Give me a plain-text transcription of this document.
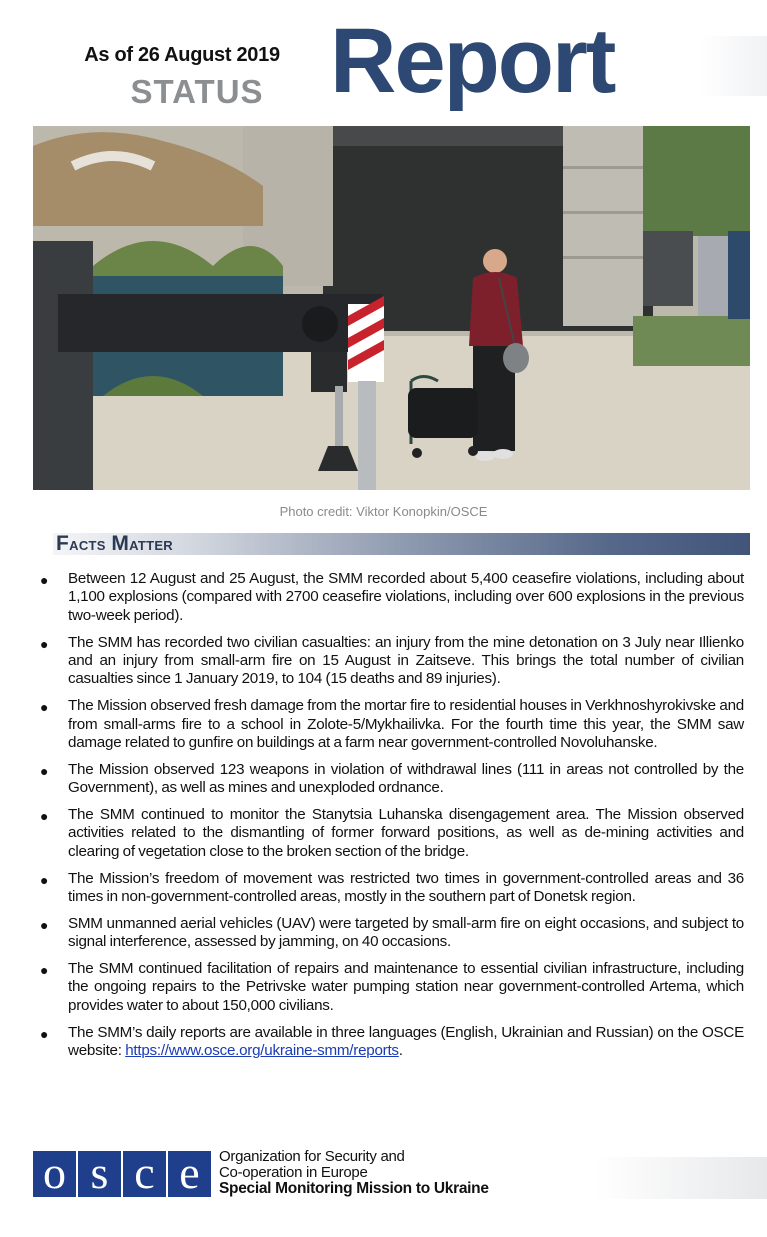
As of 26 August 2019
STATUS Report
Photo credit: Viktor Konopkin/OSCE
Facts Matter
● Between 12 August and 25 August, the SMM recorded about 5,400 ceasefire violations, including about 1,100 explosions (compared with 2700 ceasefire violations, including over 600 explosions in the previous two-week period).
● The SMM has recorded two civilian casualties: an injury from the mine detonation on 3 July near Illienko and an injury from small-arm fire on 15 August in Zaitseve. This brings the total number of civilian casualties since 1 January 2019, to 104 (15 deaths and 89 injuries).
● The Mission observed fresh damage from the mortar fire to residential houses in Verkhnoshyrokivske and from small-arms fire to a school in Zolote-5/Mykhailivka. For the fourth time this year, the SMM saw damage related to gunfire on buildings at a farm near government-controlled Novoluhanske.
● The Mission observed 123 weapons in violation of withdrawal lines (111 in areas not controlled by the Government), as well as mines and unexploded ordnance.
● The SMM continued to monitor the Stanytsia Luhanska disengagement area. The Mission observed activities related to the dismantling of former forward positions, as well as de-mining activities and clearing of vegetation close to the broken section of the bridge.
● The Mission’s freedom of movement was restricted two times in government-controlled areas and 36 times in non-government-controlled areas, mostly in the southern part of Donetsk region.
● SMM unmanned aerial vehicles (UAV) were targeted by small-arm fire on eight occasions, and subject to signal interference, assessed by jamming, on 40 occasions.
● The SMM continued facilitation of repairs and maintenance to essential civilian infrastructure, including the ongoing repairs to the Petrivske water pumping station near government-controlled Artema, which provides water to about 150,000 civilians.
● The SMM’s daily reports are available in three languages (English, Ukrainian and Russian) on the OSCE website: https://www.osce.org/ukraine-smm/reports.
o s c e	Organization for Security and
Co-operation in Europe
Special Monitoring Mission to Ukraine
